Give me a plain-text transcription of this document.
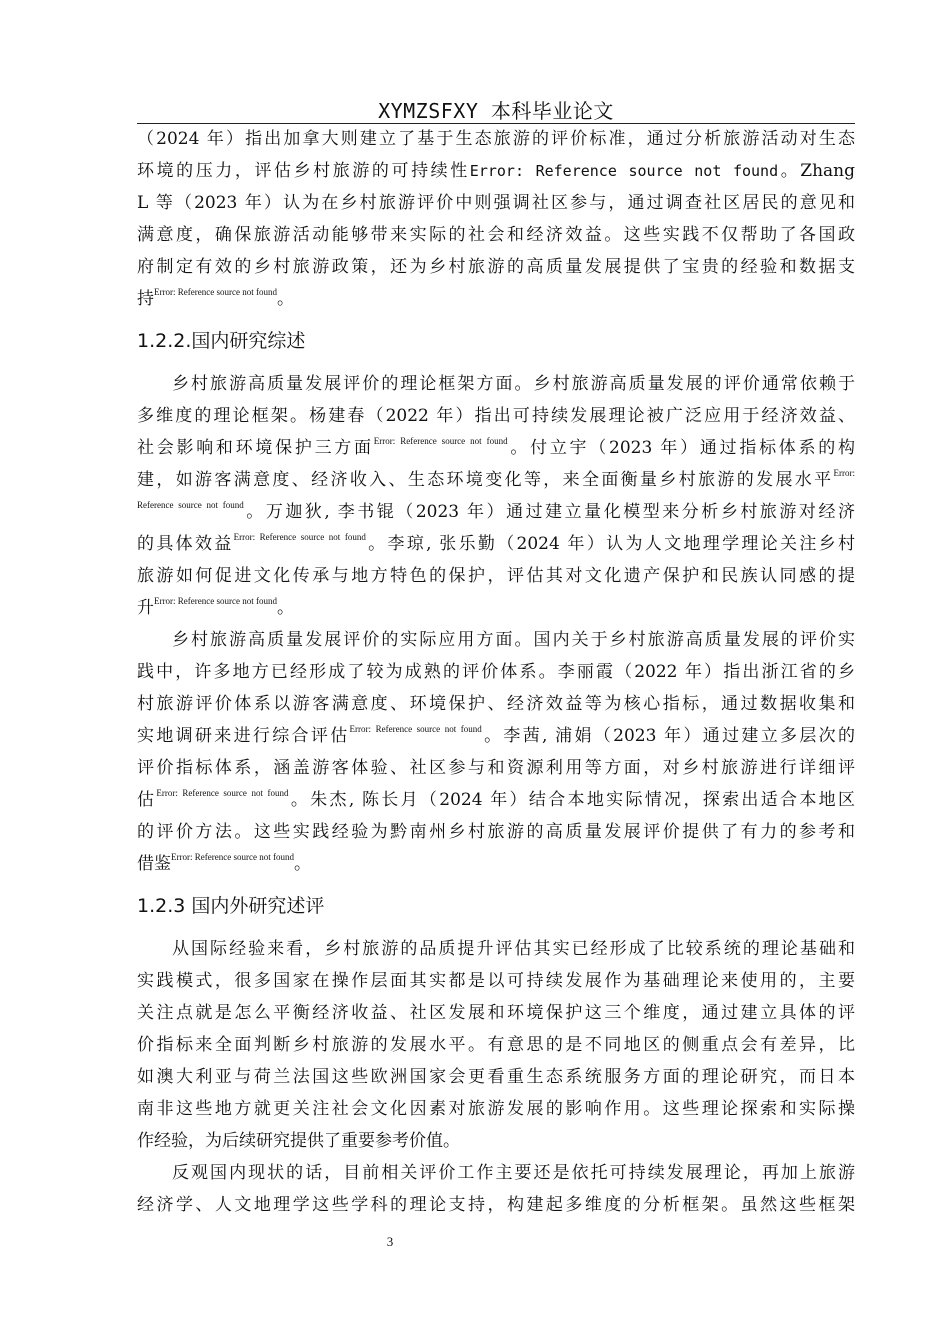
XYMZSFXY 本科毕业论文
（2024 年）指出加拿大则建立了基于生态旅游的评价标准，通过分析旅游活动对生态
环境的压力，评估乡村旅游的可持续性Error: Reference source not found。Zhang
L 等（2023 年）认为在乡村旅游评价中则强调社区参与，通过调查社区居民的意见和
满意度，确保旅游活动能够带来实际的社会和经济效益。这些实践不仅帮助了各国政
府制定有效的乡村旅游政策，还为乡村旅游的高质量发展提供了宝贵的经验和数据支
持$^{Error: Reference source not found}$。
1.2.2.国内研究综述
乡村旅游高质量发展评价的理论框架方面。乡村旅游高质量发展的评价通常依赖于
多维度的理论框架。杨建春（2022 年）指出可持续发展理论被广泛应用于经济效益、
社会影响和环境保护三方面$^{Error: Reference source not found}$。付立宇（2023 年）通过指标体系的构
建，如游客满意度、经济收入、生态环境变化等，来全面衡量乡村旅游的发展水平$^{Error:}$
$^{Reference source not found}$。万迦狄, 李书锟（2023 年）通过建立量化模型来分析乡村旅游对经济
的具体效益$^{Error: Reference source not found}$。李琼, 张乐勤（2024 年）认为人文地理学理论关注乡村
旅游如何促进文化传承与地方特色的保护，评估其对文化遗产保护和民族认同感的提
升$^{Error: Reference source not found}$。
乡村旅游高质量发展评价的实际应用方面。国内关于乡村旅游高质量发展的评价实
践中，许多地方已经形成了较为成熟的评价体系。李丽霞（2022 年）指出浙江省的乡
村旅游评价体系以游客满意度、环境保护、经济效益等为核心指标，通过数据收集和
实地调研来进行综合评估$^{Error: Reference source not found}$。李茜, 浦娟（2023 年）通过建立多层次的
评价指标体系，涵盖游客体验、社区参与和资源利用等方面，对乡村旅游进行详细评
估$^{Error: Reference source not found}$。朱杰, 陈长月（2024 年）结合本地实际情况，探索出适合本地区
的评价方法。这些实践经验为黔南州乡村旅游的高质量发展评价提供了有力的参考和
借鉴$^{Error: Reference source not found}$。
1.2.3 国内外研究述评
从国际经验来看，乡村旅游的品质提升评估其实已经形成了比较系统的理论基础和
实践模式，很多国家在操作层面其实都是以可持续发展作为基础理论来使用的，主要
关注点就是怎么平衡经济收益、社区发展和环境保护这三个维度，通过建立具体的评
价指标来全面判断乡村旅游的发展水平。有意思的是不同地区的侧重点会有差异，比
如澳大利亚与荷兰法国这些欧洲国家会更看重生态系统服务方面的理论研究，而日本
南非这些地方就更关注社会文化因素对旅游发展的影响作用。这些理论探索和实际操
作经验，为后续研究提供了重要参考价值。
反观国内现状的话，目前相关评价工作主要还是依托可持续发展理论，再加上旅游
经济学、人文地理学这些学科的理论支持，构建起多维度的分析框架。虽然这些框架
3
